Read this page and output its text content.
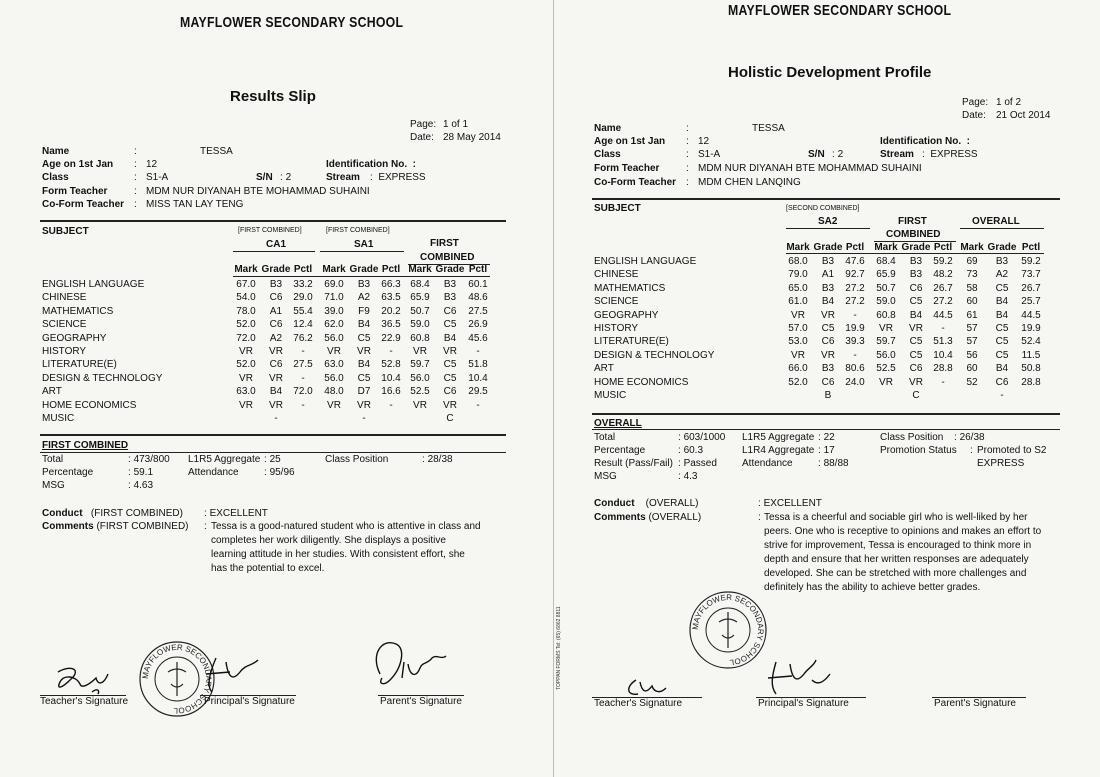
TOPPAN FORMS Tel: (65) 6862 8811
MAYFLOWER SECONDARY SCHOOL
Results Slip
Page: 1 of 1
Date: 28 May 2014
Name	:	TESSA
Age on 1st Jan : 12	Identification No.  :
Class	: S1-A	S/N : 2	Stream :  EXPRESS
Form Teacher	: MDM NUR DIYANAH BTE MOHAMMAD SUHAINI
Co-Form Teacher : MISS TAN LAY TENG
SUBJECT	[FIRST COMBINED]	[FIRST COMBINED]
CA1	SA1	FIRST
COMBINED
Mark Grade Pctl Mark Grade Pctl Mark Grade Pctl
ENGLISH LANGUAGE	67.0 B3 33.2 69.0 B3 66.3 68.4 B3 60.1
CHINESE	54.0 C6 29.0 71.0 A2 63.5 65.9 B3 48.6
MATHEMATICS	78.0 A1 55.4 39.0 F9 20.2 50.7 C6 27.5
SCIENCE	52.0 C6 12.4 62.0 B4 36.5 59.0 C5 26.9
GEOGRAPHY	72.0 A2 76.2 56.0 C5 22.9 60.8 B4 45.6
HISTORY	VR VR - VR VR - VR VR -
LITERATURE(E)	52.0 C6 27.5 63.0 B4 52.8 59.7 C5 51.8
DESIGN & TECHNOLOGY	VR VR - 56.0 C5 10.4 56.0 C5 10.4
ART	63.0 B4 72.0 48.0 D7 16.6 52.5 C6 29.5
HOME ECONOMICS	VR VR - VR VR - VR VR -
MUSIC	-	-	C
FIRST COMBINED
Total	: 473/800 L1R5 Aggregate : 25	Class Position	: 28/38
Percentage	: 59.1	Attendance	: 95/96
MSG	: 4.63
Conduct (FIRST COMBINED) : EXCELLENT
Comments (FIRST COMBINED) : Tessa is a good-natured student who is attentive in class and completes her work diligently. She displays a positive learning attitude in her studies. With consistent effort, she has the potential to excel.
Teacher's Signature
MAYFLOWER SECONDARY SCHOOL
Principal's Signature	Parent's Signature
MAYFLOWER SECONDARY SCHOOL
Holistic Development Profile
Page: 1 of 2
Date: 21 Oct 2014
Name	:	TESSA
Age on 1st Jan : 12	Identification No.  :
Class	: S1-A	S/N : 2	Stream :  EXPRESS
Form Teacher	: MDM NUR DIYANAH BTE MOHAMMAD SUHAINI
Co-Form Teacher : MDM CHEN LANQING
SUBJECT	[SECOND COMBINED]
SA2	FIRST
COMBINED
OVERALL
Mark Grade Pctl Mark Grade Pctl Mark Grade Pctl
ENGLISH LANGUAGE	68.0 B3 47.6 68.4 B3 59.2 69 B3 59.2
CHINESE	79.0 A1 92.7 65.9 B3 48.2 73 A2 73.7
MATHEMATICS	65.0 B3 27.2 50.7 C6 26.7 58 C5 26.7
SCIENCE	61.0 B4 27.2 59.0 C5 27.2 60 B4 25.7
GEOGRAPHY	VR VR - 60.8 B4 44.5 61 B4 44.5
HISTORY	57.0 C5 19.9 VR VR - 57 C5 19.9
LITERATURE(E)	53.0 C6 39.3 59.7 C5 51.3 57 C5 52.4
DESIGN & TECHNOLOGY	VR VR - 56.0 C5 10.4 56 C5 11.5
ART	66.0 B3 80.6 52.5 C6 28.8 60 B4 50.8
HOME ECONOMICS	52.0 C6 24.0 VR VR - 52 C6 28.8
MUSIC	B	C	-
OVERALL
Total	: 603/1000 L1R5 Aggregate : 22	Class Position : 26/38
Percentage	: 60.3	L1R4 Aggregate : 17	Promotion Status : Promoted to S2 EXPRESS
Result (Pass/Fail) : Passed	Attendance	: 88/88
MSG	: 4.3
Conduct (OVERALL)	: EXCELLENT
Comments (OVERALL)	: Tessa is a cheerful and sociable girl who is well-liked by her peers. One who is receptive to opinions and makes an effort to strive for improvement, Tessa is encouraged to think more in depth and ensure that her written responses are adequately developed. She can be stretched with more challenges and definitely has the ability to achieve better grades.
MAYFLOWER SECONDARY SCHOOL
Teacher's Signature	Principal's Signature	Parent's Signature
